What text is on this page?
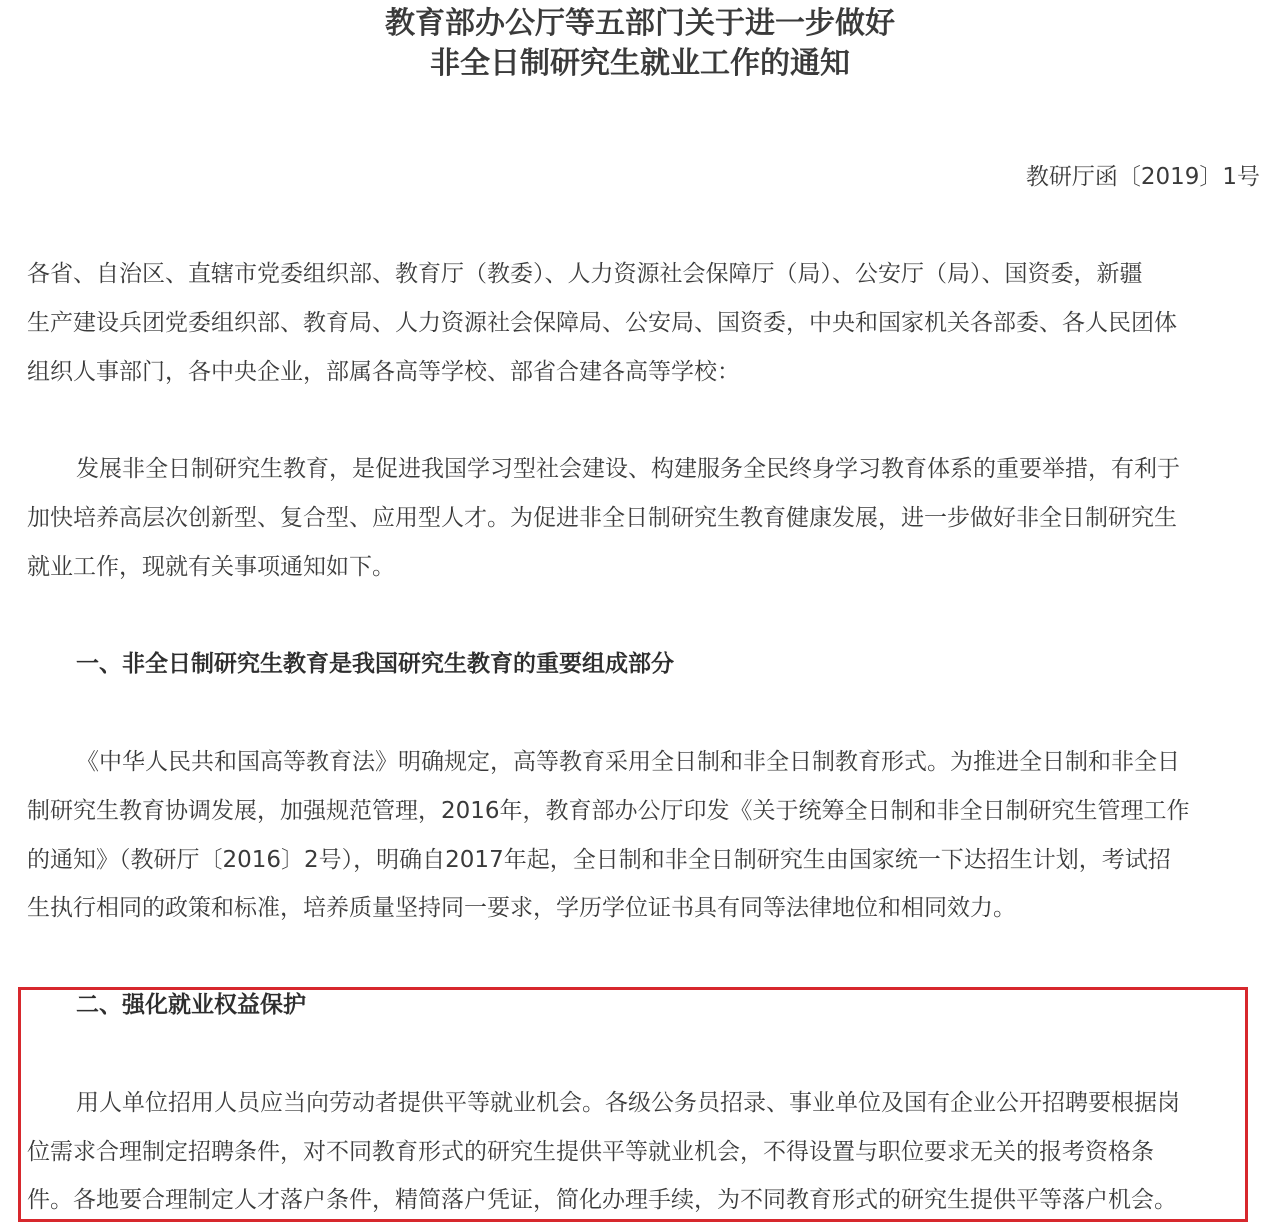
教育部办公厅等五部门关于进一步做好
非全日制研究生就业工作的通知
教研厅函〔2019〕1号
各省、自治区、直辖市党委组织部、教育厅（教委）、人力资源社会保障厅（局）、公安厅（局）、国资委，新疆
生产建设兵团党委组织部、教育局、人力资源社会保障局、公安局、国资委，中央和国家机关各部委、各人民团体
组织人事部门，各中央企业，部属各高等学校、部省合建各高等学校：
发展非全日制研究生教育，是促进我国学习型社会建设、构建服务全民终身学习教育体系的重要举措，有利于
加快培养高层次创新型、复合型、应用型人才。为促进非全日制研究生教育健康发展，进一步做好非全日制研究生
就业工作，现就有关事项通知如下。
一、非全日制研究生教育是我国研究生教育的重要组成部分
《中华人民共和国高等教育法》明确规定，高等教育采用全日制和非全日制教育形式。为推进全日制和非全日
制研究生教育协调发展，加强规范管理，2016年，教育部办公厅印发《关于统筹全日制和非全日制研究生管理工作
的通知》（教研厅〔2016〕2号），明确自2017年起，全日制和非全日制研究生由国家统一下达招生计划，考试招
生执行相同的政策和标准，培养质量坚持同一要求，学历学位证书具有同等法律地位和相同效力。
二、强化就业权益保护
用人单位招用人员应当向劳动者提供平等就业机会。各级公务员招录、事业单位及国有企业公开招聘要根据岗
位需求合理制定招聘条件，对不同教育形式的研究生提供平等就业机会，不得设置与职位要求无关的报考资格条
件。各地要合理制定人才落户条件，精简落户凭证，简化办理手续，为不同教育形式的研究生提供平等落户机会。
